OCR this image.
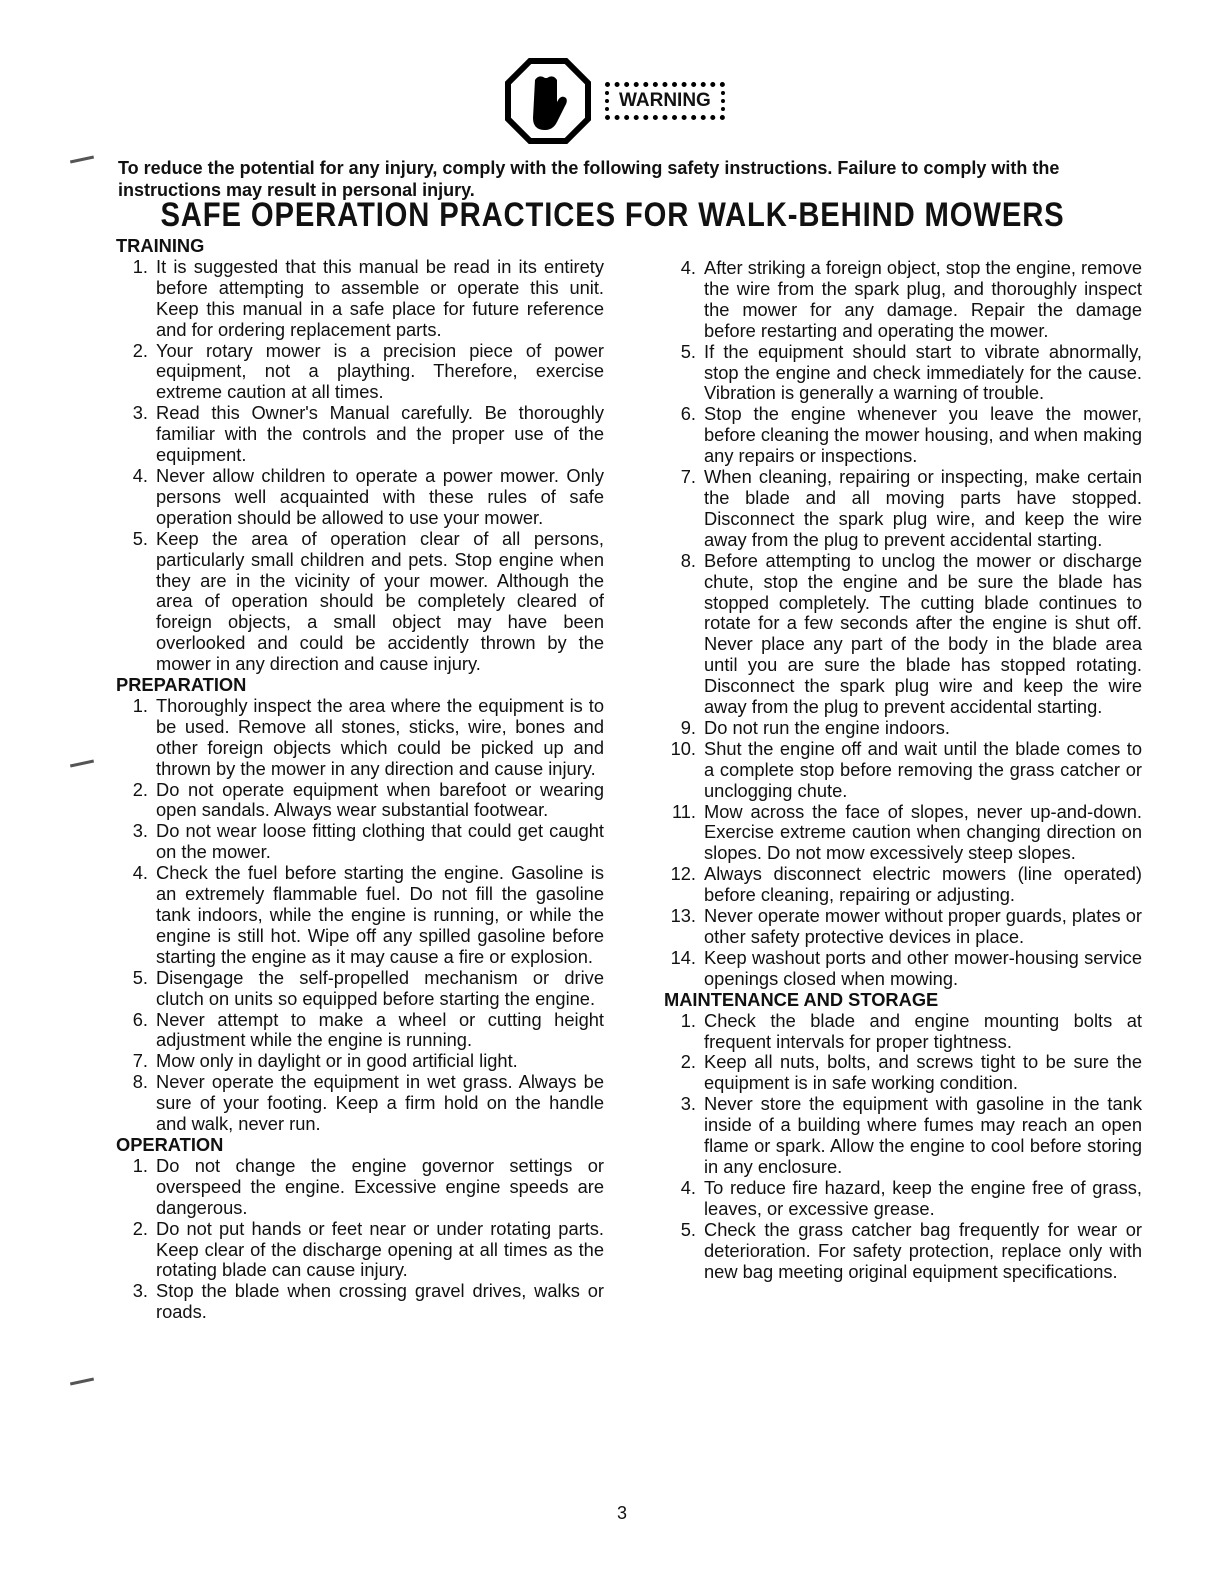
WARNING
To reduce the potential for any injury, comply with the following safety instructions. Failure to comply with the instructions may result in personal injury.
SAFE OPERATION PRACTICES FOR WALK-BEHIND MOWERS
TRAINING
1. It is suggested that this manual be read in its entirety before attempting to assemble or operate this unit. Keep this manual in a safe place for future reference and for ordering replacement parts.
2. Your rotary mower is a precision piece of power equipment, not a plaything. Therefore, exercise extreme caution at all times.
3. Read this Owner's Manual carefully. Be thoroughly familiar with the controls and the proper use of the equipment.
4. Never allow children to operate a power mower. Only persons well acquainted with these rules of safe operation should be allowed to use your mower.
5. Keep the area of operation clear of all persons, particularly small children and pets. Stop engine when they are in the vicinity of your mower. Although the area of operation should be completely cleared of foreign objects, a small object may have been overlooked and could be accidently thrown by the mower in any direction and cause injury.
PREPARATION
1. Thoroughly inspect the area where the equipment is to be used. Remove all stones, sticks, wire, bones and other foreign objects which could be picked up and thrown by the mower in any direction and cause injury.
2. Do not operate equipment when barefoot or wearing open sandals. Always wear substantial footwear.
3. Do not wear loose fitting clothing that could get caught on the mower.
4. Check the fuel before starting the engine. Gasoline is an extremely flammable fuel. Do not fill the gasoline tank indoors, while the engine is running, or while the engine is still hot. Wipe off any spilled gasoline before starting the engine as it may cause a fire or explosion.
5. Disengage the self-propelled mechanism or drive clutch on units so equipped before starting the engine.
6. Never attempt to make a wheel or cutting height adjustment while the engine is running.
7. Mow only in daylight or in good artificial light.
8. Never operate the equipment in wet grass. Always be sure of your footing. Keep a firm hold on the handle and walk, never run.
OPERATION
1. Do not change the engine governor settings or overspeed the engine. Excessive engine speeds are dangerous.
2. Do not put hands or feet near or under rotating parts. Keep clear of the discharge opening at all times as the rotating blade can cause injury.
3. Stop the blade when crossing gravel drives, walks or roads.
4. After striking a foreign object, stop the engine, remove the wire from the spark plug, and thoroughly inspect the mower for any damage. Repair the damage before restarting and operating the mower.
5. If the equipment should start to vibrate abnormally, stop the engine and check immediately for the cause. Vibration is generally a warning of trouble.
6. Stop the engine whenever you leave the mower, before cleaning the mower housing, and when making any repairs or inspections.
7. When cleaning, repairing or inspecting, make certain the blade and all moving parts have stopped. Disconnect the spark plug wire, and keep the wire away from the plug to prevent accidental starting.
8. Before attempting to unclog the mower or discharge chute, stop the engine and be sure the blade has stopped completely. The cutting blade continues to rotate for a few seconds after the engine is shut off. Never place any part of the body in the blade area until you are sure the blade has stopped rotating. Disconnect the spark plug wire and keep the wire away from the plug to prevent accidental starting.
9. Do not run the engine indoors.
10. Shut the engine off and wait until the blade comes to a complete stop before removing the grass catcher or unclogging chute.
11. Mow across the face of slopes, never up-and-down. Exercise extreme caution when changing direction on slopes. Do not mow excessively steep slopes.
12. Always disconnect electric mowers (line operated) before cleaning, repairing or adjusting.
13. Never operate mower without proper guards, plates or other safety protective devices in place.
14. Keep washout ports and other mower-housing service openings closed when mowing.
MAINTENANCE AND STORAGE
1. Check the blade and engine mounting bolts at frequent intervals for proper tightness.
2. Keep all nuts, bolts, and screws tight to be sure the equipment is in safe working condition.
3. Never store the equipment with gasoline in the tank inside of a building where fumes may reach an open flame or spark. Allow the engine to cool before storing in any enclosure.
4. To reduce fire hazard, keep the engine free of grass, leaves, or excessive grease.
5. Check the grass catcher bag frequently for wear or deterioration. For safety protection, replace only with new bag meeting original equipment specifications.
3
